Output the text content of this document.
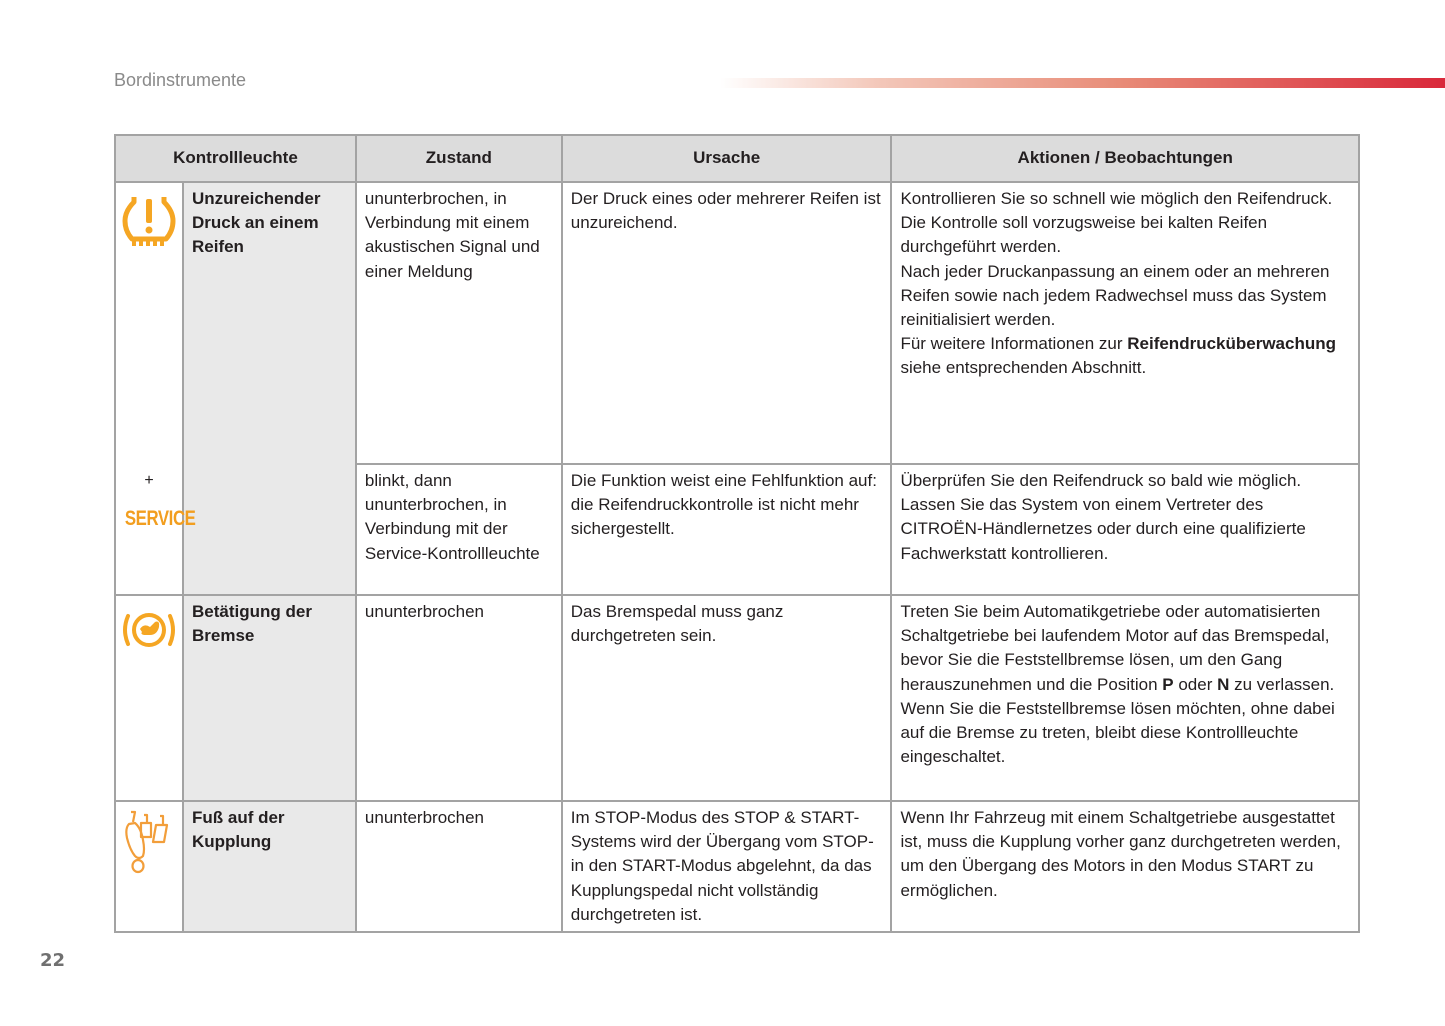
Bordinstrumente
Kontrollleuchte		Zustand	Ursache	Aktionen / Beobachtungen

+
SERVICE	Unzureichender Druck an einem Reifen	ununterbrochen, in Verbindung mit einem akustischen Signal und einer Meldung	Der Druck eines oder mehrerer Reifen ist unzureichend.	Kontrollieren Sie so schnell wie möglich den Reifendruck.
Die Kontrolle soll vorzugsweise bei kalten Reifen durchgeführt werden.
Nach jeder Druckanpassung an einem oder an mehreren Reifen sowie nach jedem Radwechsel muss das System reinitialisiert werden.
Für weitere Informationen zur Reifendrucküberwachung siehe entsprechenden Abschnitt.

		blinkt, dann ununterbrochen, in Verbindung mit der Service-Kontrollleuchte	Die Funktion weist eine Fehlfunktion auf: die Reifendruckkontrolle ist nicht mehr sichergestellt.	Überprüfen Sie den Reifendruck so bald wie möglich.
Lassen Sie das System von einem Vertreter des CITROËN-Händlernetzes oder durch eine qualifizierte Fachwerkstatt kontrollieren.

	Betätigung der Bremse	ununterbrochen	Das Bremspedal muss ganz durchgetreten sein.	Treten Sie beim Automatikgetriebe oder automatisierten Schaltgetriebe bei laufendem Motor auf das Bremspedal, bevor Sie die Feststellbremse lösen, um den Gang herauszunehmen und die Position P oder N zu verlassen.
Wenn Sie die Feststellbremse lösen möchten, ohne dabei auf die Bremse zu treten, bleibt diese Kontrollleuchte eingeschaltet.

	Fuß auf der Kupplung	ununterbrochen	Im STOP-Modus des STOP & START-Systems wird der Übergang vom STOP- in den START-Modus abgelehnt, da das Kupplungspedal nicht vollständig durchgetreten ist.	Wenn Ihr Fahrzeug mit einem Schaltgetriebe ausgestattet ist, muss die Kupplung vorher ganz durchgetreten werden, um den Übergang des Motors in den Modus START zu ermöglichen.
22
